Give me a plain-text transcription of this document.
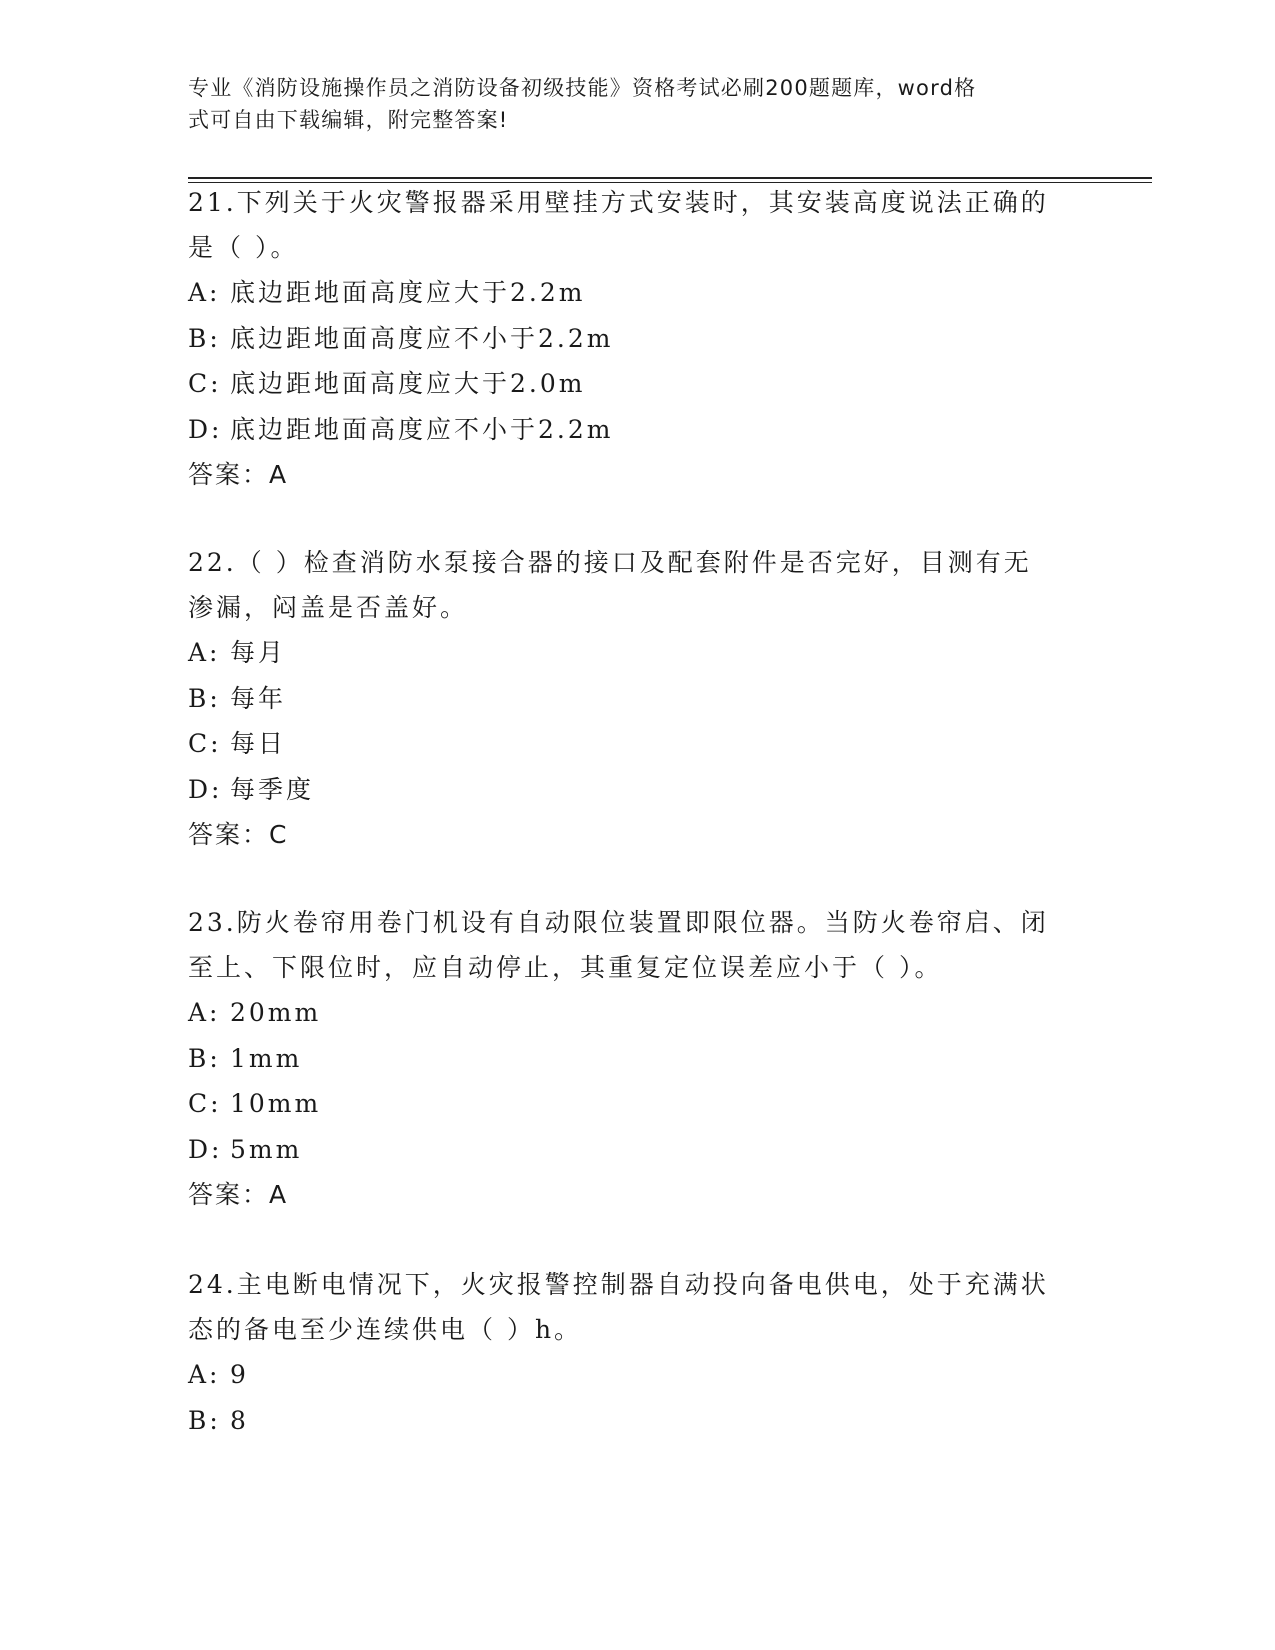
专业《消防设施操作员之消防设备初级技能》资格考试必刷200题题库，word格
式可自由下载编辑，附完整答案!

21.下列关于火灾警报器采用壁挂方式安装时，其安装高度说法正确的

是（ ）。

A: 底边距地面高度应大于2.2m

B: 底边距地面高度应不小于2.2m

C: 底边距地面高度应大于2.0m

D: 底边距地面高度应不小于2.2m

答案：A

22.（ ）检查消防水泵接合器的接口及配套附件是否完好，目测有无

渗漏，闷盖是否盖好。

A: 每月

B: 每年

C: 每日

D: 每季度

答案：C

23.防火卷帘用卷门机设有自动限位装置即限位器。当防火卷帘启、闭

至上、下限位时，应自动停止，其重复定位误差应小于（ ）。

A: 20mm

B: 1mm

C: 10mm

D: 5mm

答案：A

24.主电断电情况下，火灾报警控制器自动投向备电供电，处于充满状

态的备电至少连续供电（ ）h。

A: 9

B: 8
